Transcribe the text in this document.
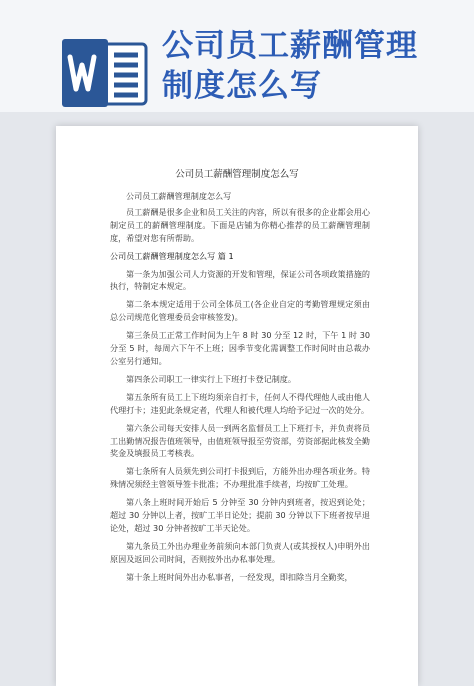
公司员工薪酬管理
制度怎么写
公司员工薪酬管理制度怎么写

公司员工薪酬管理制度怎么写

员工薪酬是很多企业和员工关注的内容，所以有很多的企业都会用心制定员工的薪酬管理制度。下面是店铺为你精心推荐的员工薪酬管理制度，希望对您有所帮助。

公司员工薪酬管理制度怎么写 篇 1

第一条为加强公司人力资源的开发和管理，保证公司各项政策措施的执行，特制定本规定。

第二条本规定适用于公司全体员工(各企业自定的考勤管理规定须由总公司规范化管理委员会审核签发)。

第三条员工正常工作时间为上午 8 时 30 分至 12 时，下午 1 时 30 分至 5 时，每周六下午不上班；因季节变化需调整工作时间时由总裁办公室另行通知。

第四条公司职工一律实行上下班打卡登记制度。

第五条所有员工上下班均须亲自打卡，任何人不得代理他人或由他人代理打卡；违犯此条规定者，代理人和被代理人均给予记过一次的处分。

第六条公司每天安排人员一到两名监督员工上下班打卡，并负责将员工出勤情况报告值班领导，由值班领导报至劳资部，劳资部据此核发全勤奖金及填报员工考核表。

第七条所有人员须先到公司打卡报到后，方能外出办理各项业务。特殊情况须经主管领导签卡批准；不办理批准手续者，均按旷工处理。

第八条上班时间开始后 5 分钟至 30 分钟内到班者，按迟到论处；超过 30 分钟以上者，按旷工半日论处；提前 30 分钟以下下班者按早退论处，超过 30 分钟者按旷工半天论处。

第九条员工外出办理业务前须向本部门负责人(或其授权人)申明外出原因及返回公司时间，否则按外出办私事处理。

第十条上班时间外出办私事者，一经发现，即扣除当月全勤奖，
